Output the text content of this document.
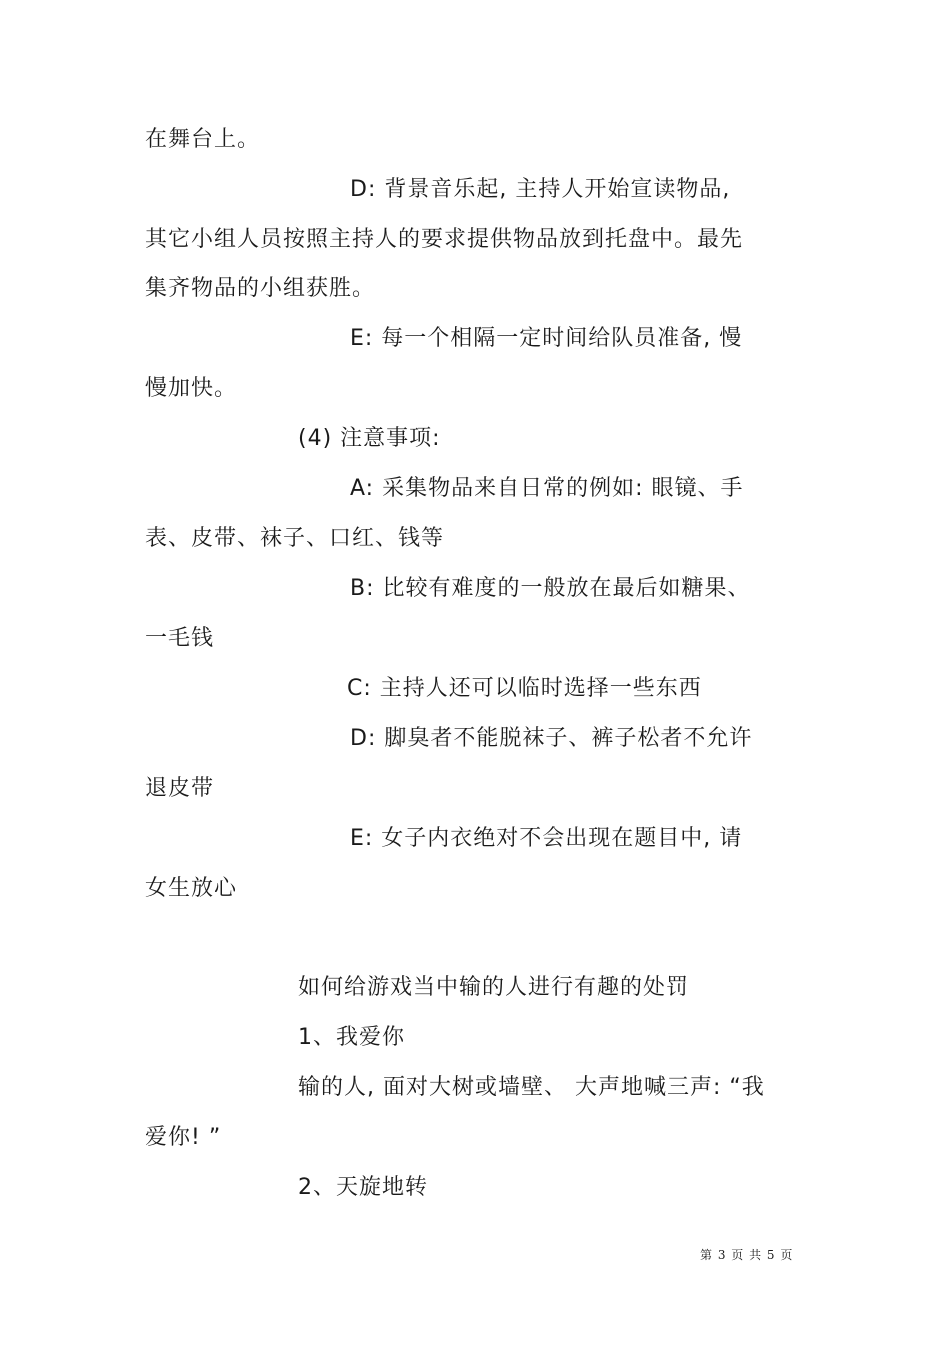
在舞台上。
D: 背景音乐起, 主持人开始宣读物品,
其它小组人员按照主持人的要求提供物品放到托盘中。最先
集齐物品的小组获胜。
E: 每一个相隔一定时间给队员准备, 慢
慢加快。
(4) 注意事项:
A: 采集物品来自日常的例如: 眼镜、手
表、皮带、袜子、口红、钱等
B: 比较有难度的一般放在最后如糖果、
一毛钱
C: 主持人还可以临时选择一些东西
D: 脚臭者不能脱袜子、裤子松者不允许
退皮带
E: 女子内衣绝对不会出现在题目中, 请
女生放心
如何给游戏当中输的人进行有趣的处罚
1、我爱你
输的人, 面对大树或墙壁、 大声地喊三声: “我
爱你! ”
2、天旋地转
第 3 页 共 5 页
